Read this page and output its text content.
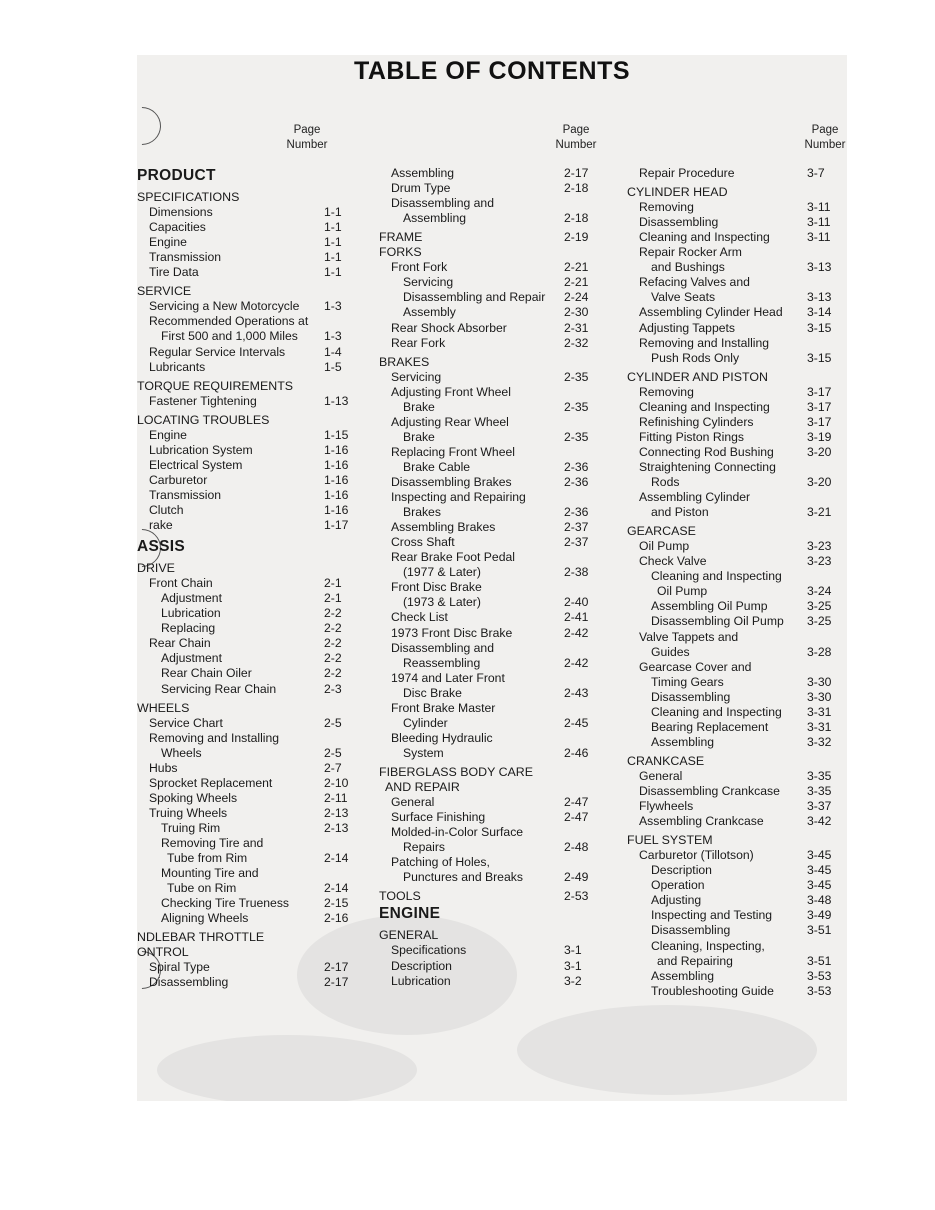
TABLE OF CONTENTS
Page
Number
PRODUCT
SPECIFICATIONS
Dimensions	1-1
Capacities	1-1
Engine	1-1
Transmission	1-1
Tire Data	1-1
SERVICE
Servicing a New Motorcycle 1-3
Recommended Operations at
First 500 and 1,000 Miles 1-3
Regular Service Intervals	1-4
Lubricants	1-5
TORQUE REQUIREMENTS
Fastener Tightening	1-13
LOCATING TROUBLES
Engine	1-15
Lubrication System	1-16
Electrical System	1-16
Carburetor	1-16
Transmission	1-16
Clutch	1-16
rake	1-17
ASSIS
DRIVE
Front Chain	2-1
Adjustment	2-1
Lubrication	2-2
Replacing	2-2
Rear Chain	2-2
Adjustment	2-2
Rear Chain Oiler	2-2
Servicing Rear Chain	2-3
WHEELS
Service Chart	2-5
Removing and Installing
Wheels	2-5
Hubs	2-7
Sprocket Replacement	2-10
Spoking Wheels	2-11
Truing Wheels	2-13
Truing Rim	2-13
Removing Tire and
Tube from Rim	2-14
Mounting Tire and
Tube on Rim	2-14
Checking Tire Trueness	2-15
Aligning Wheels	2-16
NDLEBAR THROTTLE
ONTROL
Spiral Type	2-17
Disassembling	2-17
Page
Number
Assembling	2-17
Drum Type	2-18
Disassembling and
Assembling	2-18
FRAME	2-19
FORKS
Front Fork	2-21
Servicing	2-21
Disassembling and Repair 2-24
Assembly	2-30
Rear Shock Absorber	2-31
Rear Fork	2-32
BRAKES
Servicing	2-35
Adjusting Front Wheel
Brake	2-35
Adjusting Rear Wheel
Brake	2-35
Replacing Front Wheel
Brake Cable	2-36
Disassembling Brakes	2-36
Inspecting and Repairing
Brakes	2-36
Assembling Brakes	2-37
Cross Shaft	2-37
Rear Brake Foot Pedal
(1977 & Later)	2-38
Front Disc Brake
(1973 & Later)	2-40
Check List	2-41
1973 Front Disc Brake	2-42
Disassembling and
Reassembling	2-42
1974 and Later Front
Disc Brake	2-43
Front Brake Master
Cylinder	2-45
Bleeding Hydraulic
System	2-46
FIBERGLASS BODY CARE
AND REPAIR
General	2-47
Surface Finishing	2-47
Molded-in-Color Surface
Repairs	2-48
Patching of Holes,
Punctures and Breaks	2-49
TOOLS	2-53
ENGINE
GENERAL
Specifications	3-1
Description	3-1
Lubrication	3-2
Page
Number
Repair Procedure	3-7
CYLINDER HEAD
Removing	3-11
Disassembling	3-11
Cleaning and Inspecting	3-11
Repair Rocker Arm
and Bushings	3-13
Refacing Valves and
Valve Seats	3-13
Assembling Cylinder Head 3-14
Adjusting Tappets	3-15
Removing and Installing
Push Rods Only	3-15
CYLINDER AND PISTON
Removing	3-17
Cleaning and Inspecting	3-17
Refinishing Cylinders	3-17
Fitting Piston Rings	3-19
Connecting Rod Bushing	3-20
Straightening Connecting
Rods	3-20
Assembling Cylinder
and Piston	3-21
GEARCASE
Oil Pump	3-23
Check Valve	3-23
Cleaning and Inspecting
Oil Pump	3-24
Assembling Oil Pump	3-25
Disassembling Oil Pump 3-25
Valve Tappets and
Guides	3-28
Gearcase Cover and
Timing Gears	3-30
Disassembling	3-30
Cleaning and Inspecting 3-31
Bearing Replacement	3-31
Assembling	3-32
CRANKCASE
General	3-35
Disassembling Crankcase 3-35
Flywheels	3-37
Assembling Crankcase	3-42
FUEL SYSTEM
Carburetor (Tillotson)	3-45
Description	3-45
Operation	3-45
Adjusting	3-48
Inspecting and Testing	3-49
Disassembling	3-51
Cleaning, Inspecting,
and Repairing	3-51
Assembling	3-53
Troubleshooting Guide	3-53
